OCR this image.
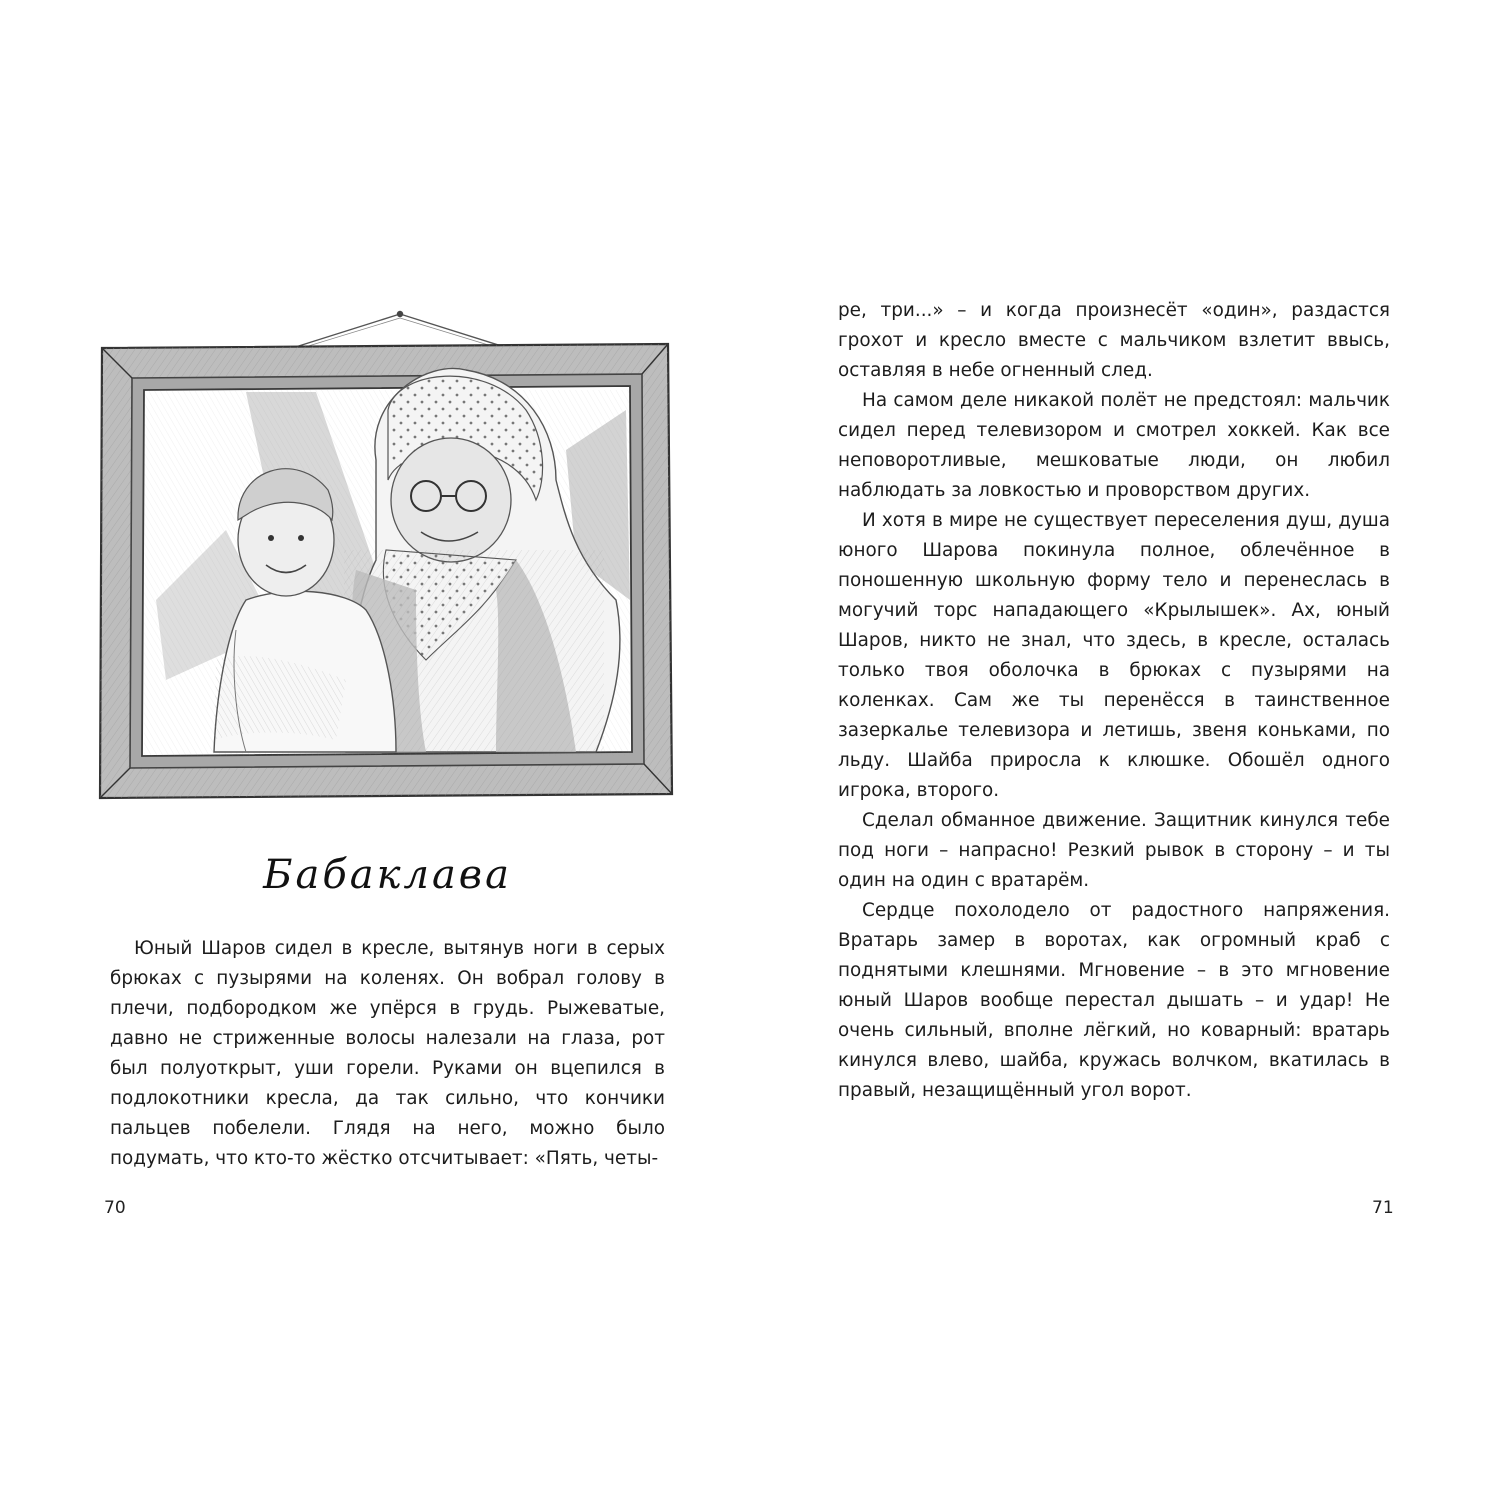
Бабаклава

Юный Шаров сидел в кресле, вытянув ноги в серых брюках с пузырями на коленях. Он вобрал голову в плечи, подбородком же упёрся в грудь. Рыжеватые, давно не стриженные волосы налезали на глаза, рот был полуоткрыт, уши горели. Руками он вцепился в подлокотники кресла, да так сильно, что кончики пальцев побелели. Глядя на него, можно было подумать, что кто-то жёстко отсчитывает: «Пять, четы-

70

ре, три...» – и когда произнесёт «один», раздастся грохот и кресло вместе с мальчиком взлетит ввысь, оставляя в небе огненный след.

На самом деле никакой полёт не предстоял: мальчик сидел перед телевизором и смотрел хоккей. Как все неповоротливые, мешковатые люди, он любил наблюдать за ловкостью и проворством других.

И хотя в мире не существует переселения душ, душа юного Шарова покинула полное, облечённое в поношенную школьную форму тело и перенеслась в могучий торс нападающего «Крылышек». Ах, юный Шаров, никто не знал, что здесь, в кресле, осталась только твоя оболочка в брюках с пузырями на коленках. Сам же ты перенёсся в таинственное зазеркалье телевизора и летишь, звеня коньками, по льду. Шайба приросла к клюшке. Обошёл одного игрока, второго.

Сделал обманное движение. Защитник кинулся тебе под ноги – напрасно! Резкий рывок в сторону – и ты один на один с вратарём.

Сердце похолодело от радостного напряжения. Вратарь замер в воротах, как огромный краб с поднятыми клешнями. Мгновение – в это мгновение юный Шаров вообще перестал дышать – и удар! Не очень сильный, вполне лёгкий, но коварный: вратарь кинулся влево, шайба, кружась волчком, вкатилась в правый, незащищённый угол ворот.

71
